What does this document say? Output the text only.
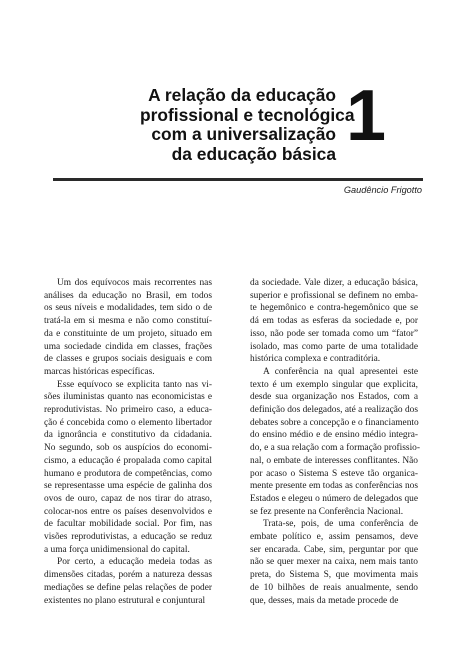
A relação da educação
profissional e tecnológica
com a universalização
da educação básica 1
Gaudêncio Frigotto
Um dos equívocos mais recorrentes nas
análises da educação no Brasil, em todos
os seus níveis e modalidades, tem sido o de
tratá-la em si mesma e não como constituí-
da e constituinte de um projeto, situado em
uma sociedade cindida em classes, frações
de classes e grupos sociais desiguais e com
marcas históricas específicas.
Esse equívoco se explicita tanto nas vi-
sões iluministas quanto nas economicistas e
reprodutivistas. No primeiro caso, a educa-
ção é concebida como o elemento libertador
da ignorância e constitutivo da cidadania.
No segundo, sob os auspícios do economi-
cismo, a educação é propalada como capital
humano e produtora de competências, como
se representasse uma espécie de galinha dos
ovos de ouro, capaz de nos tirar do atraso,
colocar-nos entre os países desenvolvidos e
de facultar mobilidade social. Por fim, nas
visões reprodutivistas, a educação se reduz
a uma força unidimensional do capital.
Por certo, a educação medeia todas as
dimensões citadas, porém a natureza dessas
mediações se define pelas relações de poder
existentes no plano estrutural e conjuntural
da sociedade. Vale dizer, a educação básica,
superior e profissional se definem no emba-
te hegemônico e contra-hegemônico que se
dá em todas as esferas da sociedade e, por
isso, não pode ser tomada como um “fator”
isolado, mas como parte de uma totalidade
histórica complexa e contraditória.
A conferência na qual apresentei este
texto é um exemplo singular que explicita,
desde sua organização nos Estados, com a
definição dos delegados, até a realização dos
debates sobre a concepção e o financiamento
do ensino médio e de ensino médio integra-
do, e a sua relação com a formação profissio-
nal, o embate de interesses conflitantes. Não
por acaso o Sistema S esteve tão organica-
mente presente em todas as conferências nos
Estados e elegeu o número de delegados que
se fez presente na Conferência Nacional.
Trata-se, pois, de uma conferência de
embate político e, assim pensamos, deve
ser encarada. Cabe, sim, perguntar por que
não se quer mexer na caixa, nem mais tanto
preta, do Sistema S, que movimenta mais
de 10 bilhões de reais anualmente, sendo
que, desses, mais da metade procede de
